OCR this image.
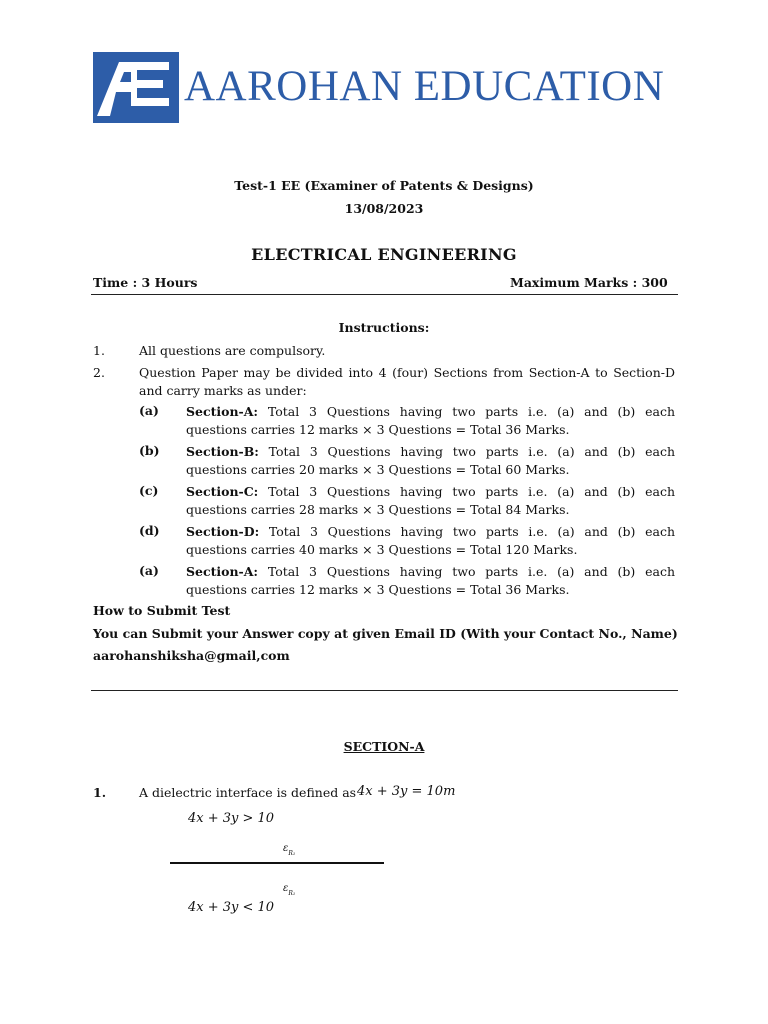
AAROHAN EDUCATION
Test-1 EE (Examiner of Patents & Designs)
13/08/2023
ELECTRICAL ENGINEERING
Time : 3 Hours	Maximum Marks : 300
Instructions:
1.	All questions are compulsory.
2.	Question Paper may be divided into 4 (four) Sections from Section-A to Section-D and carry marks as under:
(a) Section-A: Total 3 Questions having two parts i.e. (a) and (b) each questions carries 12 marks × 3 Questions = Total 36 Marks.
(b) Section-B: Total 3 Questions having two parts i.e. (a) and (b) each questions carries 20 marks × 3 Questions = Total 60 Marks.
(c) Section-C: Total 3 Questions having two parts i.e. (a) and (b) each questions carries 28 marks × 3 Questions = Total 84 Marks.
(d) Section-D: Total 3 Questions having two parts i.e. (a) and (b) each questions carries 40 marks × 3 Questions = Total 120 Marks.
(a) Section-A: Total 3 Questions having two parts i.e. (a) and (b) each questions carries 12 marks × 3 Questions = Total 36 Marks.
How to Submit Test
You can Submit your Answer copy at given Email ID (With your Contact No., Name)
aarohanshiksha@gmail,com
SECTION-A
1.	A dielectric interface is defined as 4x + 3y = 10m
4x + 3y > 10
$\varepsilon_{R_1}$
$\varepsilon_{R_1}$
4x + 3y < 10
